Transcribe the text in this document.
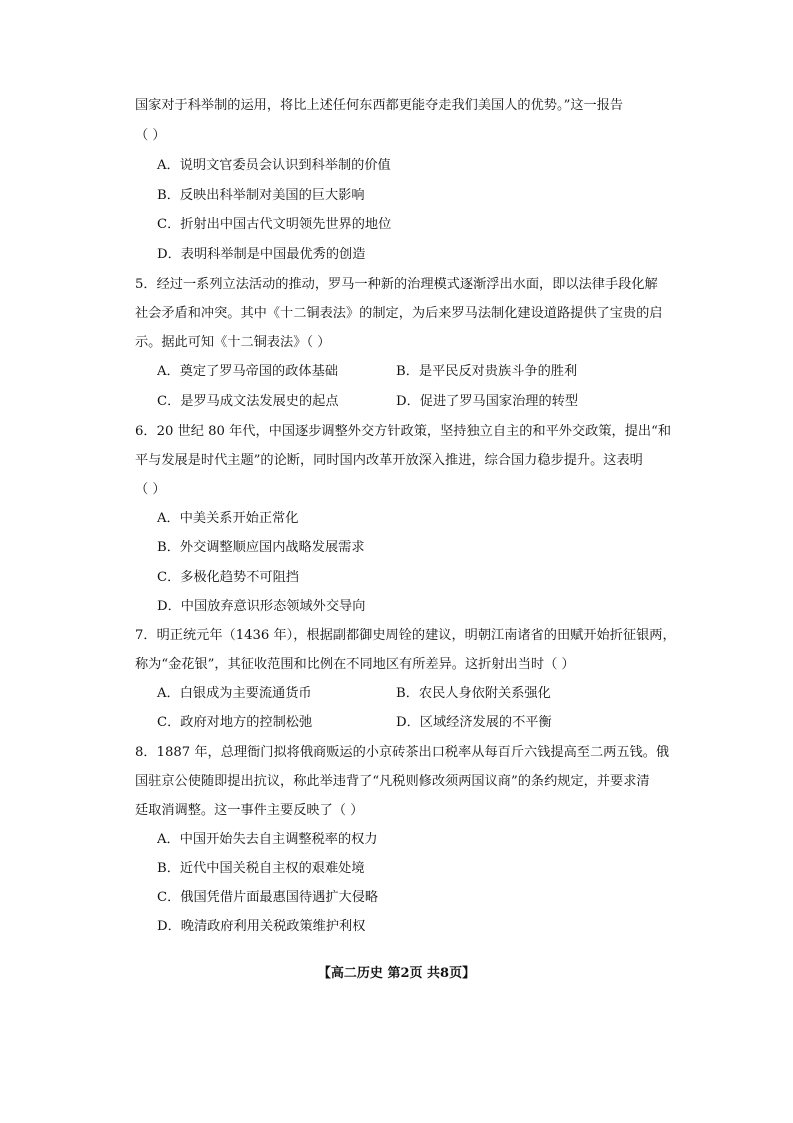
国家对于科举制的运用，将比上述任何东西都更能夺走我们美国人的优势。”这一报告
（ ）
A．说明文官委员会认识到科举制的价值
B．反映出科举制对美国的巨大影响
C．折射出中国古代文明领先世界的地位
D．表明科举制是中国最优秀的创造
5．经过一系列立法活动的推动，罗马一种新的治理模式逐渐浮出水面，即以法律手段化解
社会矛盾和冲突。其中《十二铜表法》的制定，为后来罗马法制化建设道路提供了宝贵的启
示。据此可知《十二铜表法》（ ）
A．奠定了罗马帝国的政体基础	B．是平民反对贵族斗争的胜利
C．是罗马成文法发展史的起点	D．促进了罗马国家治理的转型
6．20 世纪 80 年代，中国逐步调整外交方针政策，坚持独立自主的和平外交政策，提出“和
平与发展是时代主题”的论断，同时国内改革开放深入推进，综合国力稳步提升。这表明
（ ）
A．中美关系开始正常化
B．外交调整顺应国内战略发展需求
C．多极化趋势不可阻挡
D．中国放弃意识形态领域外交导向
7．明正统元年（1436 年），根据副都御史周铨的建议，明朝江南诸省的田赋开始折征银两，
称为“金花银”，其征收范围和比例在不同地区有所差异。这折射出当时（ ）
A．白银成为主要流通货币	B．农民人身依附关系强化
C．政府对地方的控制松弛	D．区域经济发展的不平衡
8．1887 年，总理衙门拟将俄商贩运的小京砖茶出口税率从每百斤六钱提高至二两五钱。俄
国驻京公使随即提出抗议，称此举违背了“凡税则修改须两国议商”的条约规定，并要求清
廷取消调整。这一事件主要反映了（ ）
A．中国开始失去自主调整税率的权力
B．近代中国关税自主权的艰难处境
C．俄国凭借片面最惠国待遇扩大侵略
D．晚清政府利用关税政策维护利权
【高二历史 第2页 共8页】
